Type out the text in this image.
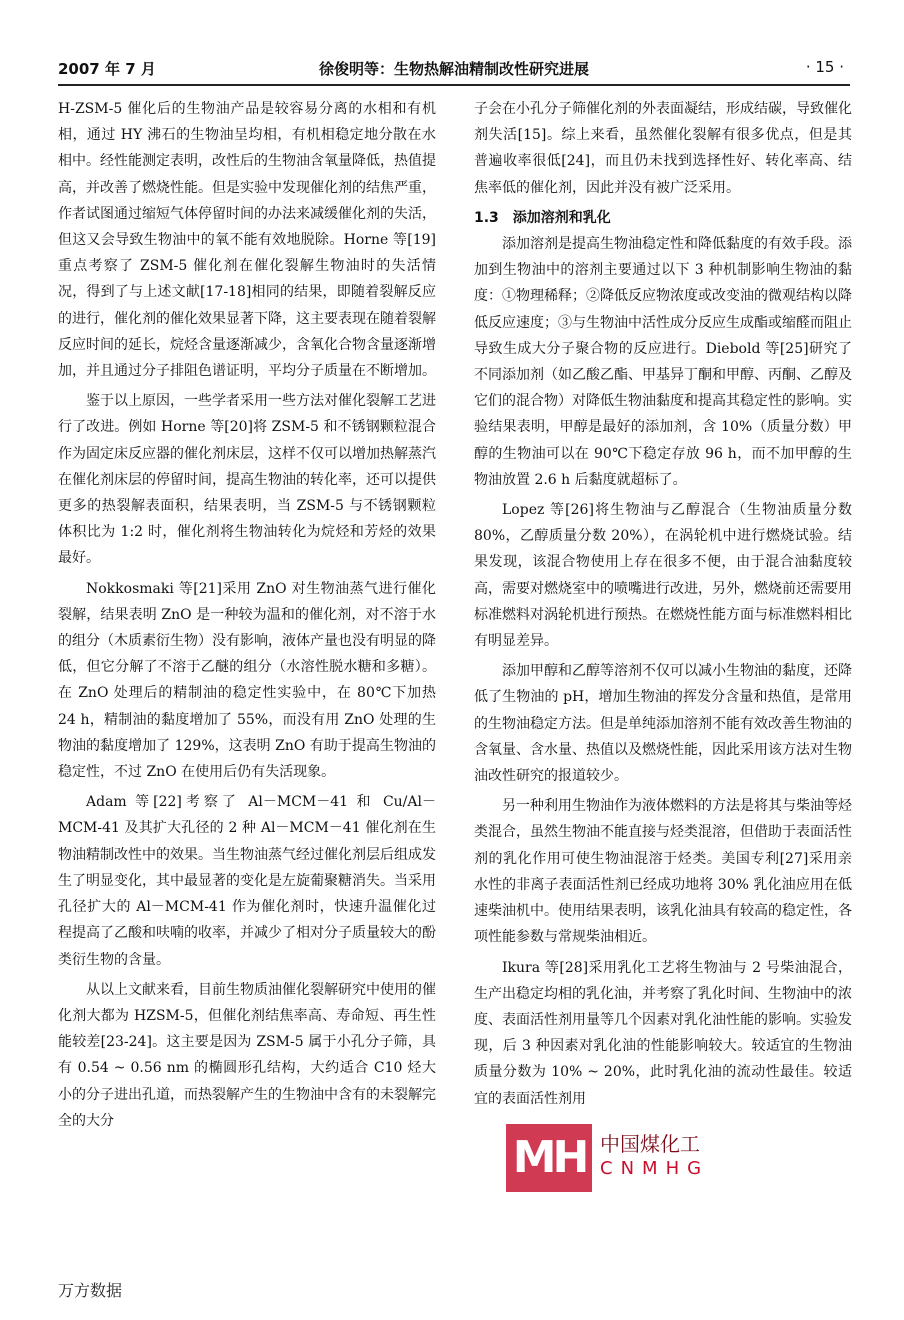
2007 年 7 月	徐俊明等：生物热解油精制改性研究进展	· 15 ·

H-ZSM-5 催化后的生物油产品是较容易分离的水相和有机相，通过 HY 沸石的生物油呈均相，有机相稳定地分散在水相中。经性能测定表明，改性后的生物油含氧量降低，热值提高，并改善了燃烧性能。但是实验中发现催化剂的结焦严重，作者试图通过缩短气体停留时间的办法来减缓催化剂的失活，但这又会导致生物油中的氧不能有效地脱除。Horne 等[19]重点考察了 ZSM-5 催化剂在催化裂解生物油时的失活情况，得到了与上述文献[17-18]相同的结果，即随着裂解反应的进行，催化剂的催化效果显著下降，这主要表现在随着裂解反应时间的延长，烷烃含量逐渐减少，含氧化合物含量逐渐增加，并且通过分子排阻色谱证明，平均分子质量在不断增加。

鉴于以上原因，一些学者采用一些方法对催化裂解工艺进行了改进。例如 Horne 等[20]将 ZSM-5 和不锈钢颗粒混合作为固定床反应器的催化剂床层，这样不仅可以增加热解蒸汽在催化剂床层的停留时间，提高生物油的转化率，还可以提供更多的热裂解表面积，结果表明，当 ZSM-5 与不锈钢颗粒体积比为 1:2 时，催化剂将生物油转化为烷烃和芳烃的效果最好。

Nokkosmaki 等[21]采用 ZnO 对生物油蒸气进行催化裂解，结果表明 ZnO 是一种较为温和的催化剂，对不溶于水的组分（木质素衍生物）没有影响，液体产量也没有明显的降低，但它分解了不溶于乙醚的组分（水溶性脱水糖和多糖）。在 ZnO 处理后的精制油的稳定性实验中，在 80℃下加热 24 h，精制油的黏度增加了 55%，而没有用 ZnO 处理的生物油的黏度增加了 129%，这表明 ZnO 有助于提高生物油的稳定性，不过 ZnO 在使用后仍有失活现象。

Adam 等[22]考察了 Al－MCM－41 和 Cu/Al－MCM-41 及其扩大孔径的 2 种 Al－MCM－41 催化剂在生物油精制改性中的效果。当生物油蒸气经过催化剂层后组成发生了明显变化，其中最显著的变化是左旋葡聚糖消失。当采用孔径扩大的 Al－MCM-41 作为催化剂时，快速升温催化过程提高了乙酸和呋喃的收率，并减少了相对分子质量较大的酚类衍生物的含量。

从以上文献来看，目前生物质油催化裂解研究中使用的催化剂大都为 HZSM-5，但催化剂结焦率高、寿命短、再生性能较差[23-24]。这主要是因为 ZSM-5 属于小孔分子筛，具有 0.54 ~ 0.56 nm 的椭圆形孔结构，大约适合 C10 烃大小的分子进出孔道，而热裂解产生的生物油中含有的未裂解完全的大分

子会在小孔分子筛催化剂的外表面凝结，形成结碳，导致催化剂失活[15]。综上来看，虽然催化裂解有很多优点，但是其普遍收率很低[24]，而且仍未找到选择性好、转化率高、结焦率低的催化剂，因此并没有被广泛采用。

1.3　添加溶剂和乳化

添加溶剂是提高生物油稳定性和降低黏度的有效手段。添加到生物油中的溶剂主要通过以下 3 种机制影响生物油的黏度：①物理稀释；②降低反应物浓度或改变油的微观结构以降低反应速度；③与生物油中活性成分反应生成酯或缩醛而阻止导致生成大分子聚合物的反应进行。Diebold 等[25]研究了不同添加剂（如乙酸乙酯、甲基异丁酮和甲醇、丙酮、乙醇及它们的混合物）对降低生物油黏度和提高其稳定性的影响。实验结果表明，甲醇是最好的添加剂，含 10%（质量分数）甲醇的生物油可以在 90℃下稳定存放 96 h，而不加甲醇的生物油放置 2.6 h 后黏度就超标了。

Lopez 等[26]将生物油与乙醇混合（生物油质量分数 80%，乙醇质量分数 20%），在涡轮机中进行燃烧试验。结果发现，该混合物使用上存在很多不便，由于混合油黏度较高，需要对燃烧室中的喷嘴进行改进，另外，燃烧前还需要用标准燃料对涡轮机进行预热。在燃烧性能方面与标准燃料相比有明显差异。

添加甲醇和乙醇等溶剂不仅可以减小生物油的黏度，还降低了生物油的 pH，增加生物油的挥发分含量和热值，是常用的生物油稳定方法。但是单纯添加溶剂不能有效改善生物油的含氧量、含水量、热值以及燃烧性能，因此采用该方法对生物油改性研究的报道较少。

另一种利用生物油作为液体燃料的方法是将其与柴油等烃类混合，虽然生物油不能直接与烃类混溶，但借助于表面活性剂的乳化作用可使生物油混溶于烃类。美国专利[27]采用亲水性的非离子表面活性剂已经成功地将 30% 乳化油应用在低速柴油机中。使用结果表明，该乳化油具有较高的稳定性，各项性能参数与常规柴油相近。

Ikura 等[28]采用乳化工艺将生物油与 2 号柴油混合，生产出稳定均相的乳化油，并考察了乳化时间、生物油中的浓度、表面活性剂用量等几个因素对乳化油性能的影响。实验发现，后 3 种因素对乳化油的性能影响较大。较适宜的生物油质量分数为 10% ~ 20%，此时乳化油的流动性最佳。较适宜的表面活性剂用

MH 中国煤化工
CNMHG
万方数据
